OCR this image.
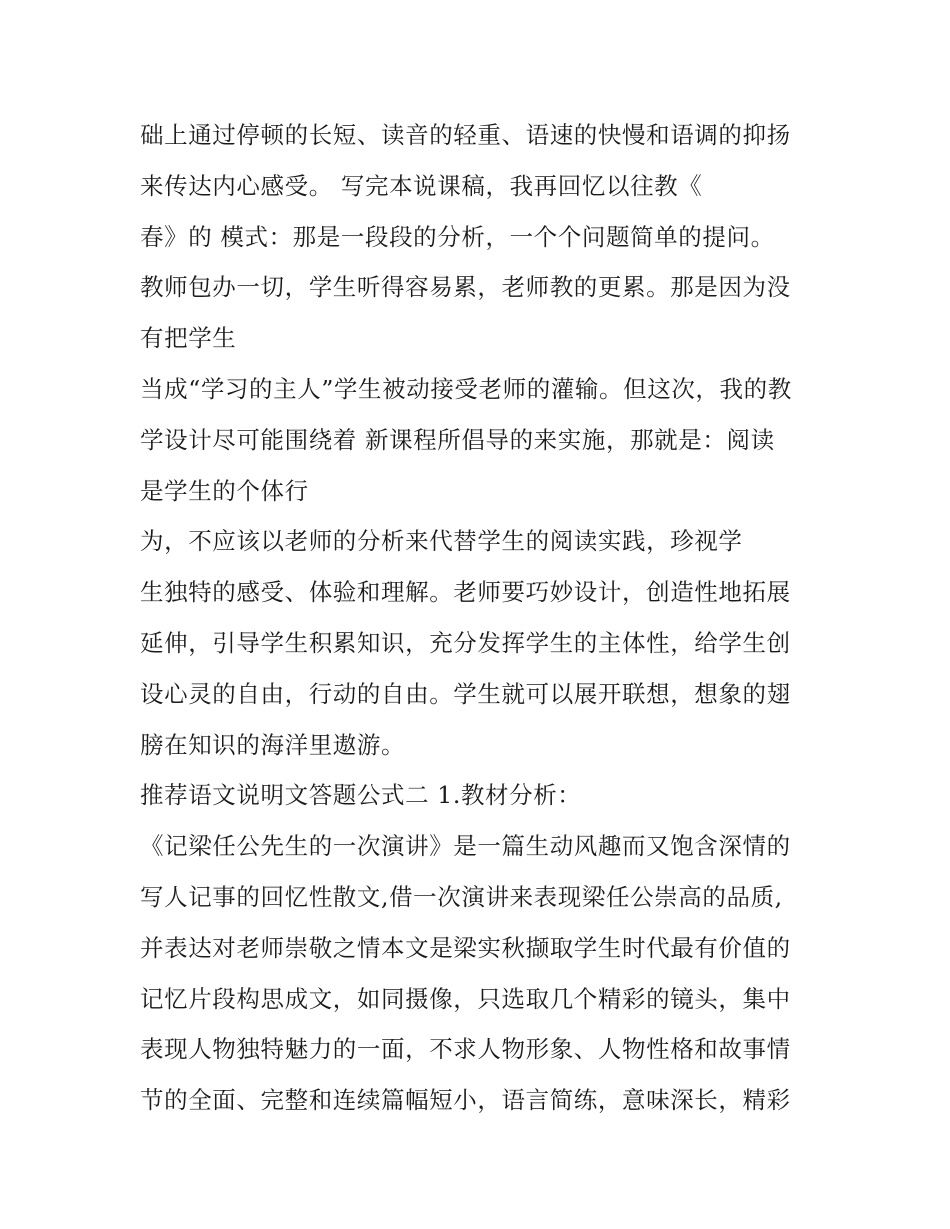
础上通过停顿的长短、读音的轻重、语速的快慢和语调的抑扬
来传达内心感受。 写完本说课稿，我再回忆以往教《
春》的 模式：那是一段段的分析，一个个问题简单的提问。
教师包办一切，学生听得容易累，老师教的更累。那是因为没
有把学生
当成“学习的主人”学生被动接受老师的灌输。但这次，我的教
学设计尽可能围绕着 新课程所倡导的来实施，那就是：阅读
是学生的个体行
为，不应该以老师的分析来代替学生的阅读实践，珍视学
生独特的感受、体验和理解。老师要巧妙设计，创造性地拓展
延伸，引导学生积累知识，充分发挥学生的主体性，给学生创
设心灵的自由，行动的自由。学生就可以展开联想，想象的翅
膀在知识的海洋里遨游。
推荐语文说明文答题公式二 1.教材分析：
《记梁任公先生的一次演讲》是一篇生动风趣而又饱含深情的
写人记事的回忆性散文,借一次演讲来表现梁任公崇高的品质,
并表达对老师崇敬之情本文是梁实秋撷取学生时代最有价值的
记忆片段构思成文，如同摄像，只选取几个精彩的镜头，集中
表现人物独特魅力的一面，不求人物形象、人物性格和故事情
节的全面、完整和连续篇幅短小，语言简练，意味深长，精彩
